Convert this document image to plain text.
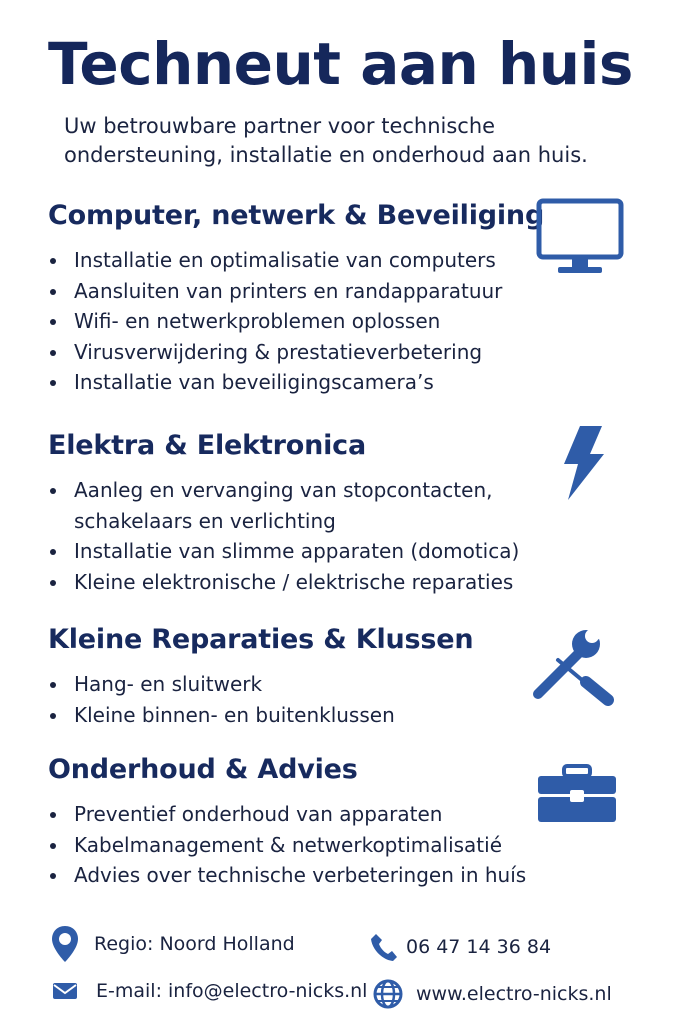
Techneut aan huis
Uw betrouwbare partner voor technische ondersteuning, installatie en onderhoud aan huis.
Computer, netwerk & Beveiliging
Installatie en optimalisatie van computers
Aansluiten van printers en randapparatuur
Wifi- en netwerkproblemen oplossen
Virusverwijdering & prestatieverbetering
Installatie van beveiligingscamera’s
Elektra & Elektronica
Aanleg en vervanging van stopcontacten,
schakelaars en verlichting
Installatie van slimme apparaten (domotica)
Kleine elektronische / elektrische reparaties
Kleine Reparaties & Klussen
Hang- en sluitwerk
Kleine binnen- en buitenklussen
Onderhoud & Advies
Preventief onderhoud van apparaten
Kabelmanagement & netwerkoptimalisatié
Advies over technische verbeteringen in huís
Regio: Noord Holland	06 47 14 36 84
E-mail: info@electro-nicks.nl	www.electro-nicks.nl
